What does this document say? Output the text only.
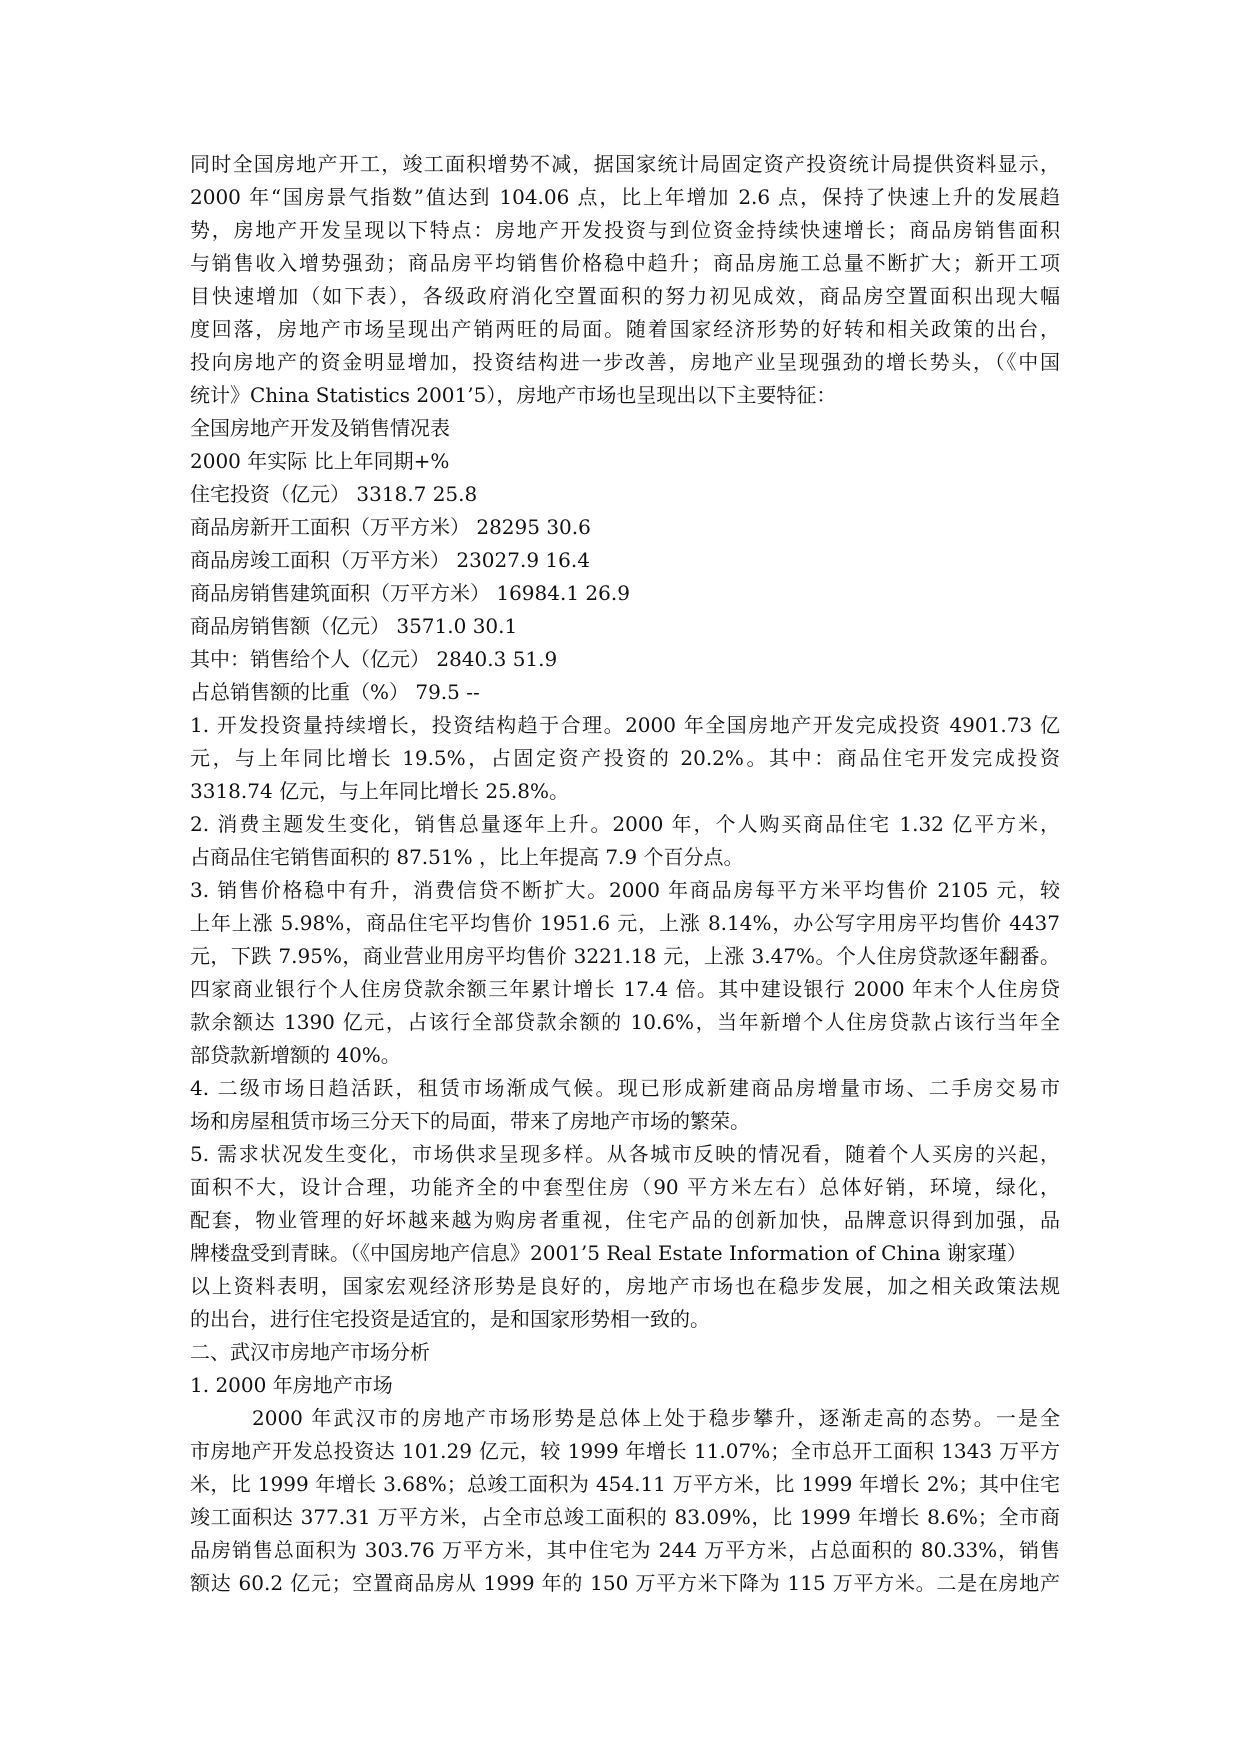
同时全国房地产开工，竣工面积增势不减，据国家统计局固定资产投资统计局提供资料显示，
2000 年“国房景气指数”值达到 104.06 点，比上年增加 2.6 点，保持了快速上升的发展趋
势，房地产开发呈现以下特点：房地产开发投资与到位资金持续快速增长；商品房销售面积
与销售收入增势强劲；商品房平均销售价格稳中趋升；商品房施工总量不断扩大；新开工项
目快速增加（如下表），各级政府消化空置面积的努力初见成效，商品房空置面积出现大幅
度回落，房地产市场呈现出产销两旺的局面。随着国家经济形势的好转和相关政策的出台，
投向房地产的资金明显增加，投资结构进一步改善，房地产业呈现强劲的增长势头，（《中国
统计》China Statistics 2001’5），房地产市场也呈现出以下主要特征：
全国房地产开发及销售情况表
2000 年实际 比上年同期+%
住宅投资（亿元） 3318.7 25.8
商品房新开工面积（万平方米） 28295 30.6
商品房竣工面积（万平方米） 23027.9 16.4
商品房销售建筑面积（万平方米） 16984.1 26.9
商品房销售额（亿元） 3571.0 30.1
其中：销售给个人（亿元） 2840.3 51.9
占总销售额的比重（%） 79.5 --
1. 开发投资量持续增长，投资结构趋于合理。2000 年全国房地产开发完成投资 4901.73 亿
元，与上年同比增长 19.5%，占固定资产投资的 20.2%。其中：商品住宅开发完成投资
3318.74 亿元，与上年同比增长 25.8%。
2. 消费主题发生变化，销售总量逐年上升。2000 年，个人购买商品住宅 1.32 亿平方米，
占商品住宅销售面积的 87.51% ，比上年提高 7.9 个百分点。
3. 销售价格稳中有升，消费信贷不断扩大。2000 年商品房每平方米平均售价 2105 元，较
上年上涨 5.98%，商品住宅平均售价 1951.6 元，上涨 8.14%，办公写字用房平均售价 4437
元，下跌 7.95%，商业营业用房平均售价 3221.18 元，上涨 3.47%。个人住房贷款逐年翻番。
四家商业银行个人住房贷款余额三年累计增长 17.4 倍。其中建设银行 2000 年末个人住房贷
款余额达 1390 亿元，占该行全部贷款余额的 10.6%，当年新增个人住房贷款占该行当年全
部贷款新增额的 40%。
4. 二级市场日趋活跃，租赁市场渐成气候。现已形成新建商品房增量市场、二手房交易市
场和房屋租赁市场三分天下的局面，带来了房地产市场的繁荣。
5. 需求状况发生变化，市场供求呈现多样。从各城市反映的情况看，随着个人买房的兴起，
面积不大，设计合理，功能齐全的中套型住房（90 平方米左右）总体好销，环境，绿化，
配套，物业管理的好坏越来越为购房者重视，住宅产品的创新加快，品牌意识得到加强，品
牌楼盘受到青睐。（《中国房地产信息》2001’5 Real Estate Information of China 谢家瑾）
以上资料表明，国家宏观经济形势是良好的，房地产市场也在稳步发展，加之相关政策法规
的出台，进行住宅投资是适宜的，是和国家形势相一致的。
二、武汉市房地产市场分析
1. 2000 年房地产市场
2000 年武汉市的房地产市场形势是总体上处于稳步攀升，逐渐走高的态势。一是全
市房地产开发总投资达 101.29 亿元，较 1999 年增长 11.07%；全市总开工面积 1343 万平方
米，比 1999 年增长 3.68%；总竣工面积为 454.11 万平方米，比 1999 年增长 2%；其中住宅
竣工面积达 377.31 万平方米，占全市总竣工面积的 83.09%，比 1999 年增长 8.6%；全市商
品房销售总面积为 303.76 万平方米，其中住宅为 244 万平方米，占总面积的 80.33%，销售
额达 60.2 亿元；空置商品房从 1999 年的 150 万平方米下降为 115 万平方米。二是在房地产
